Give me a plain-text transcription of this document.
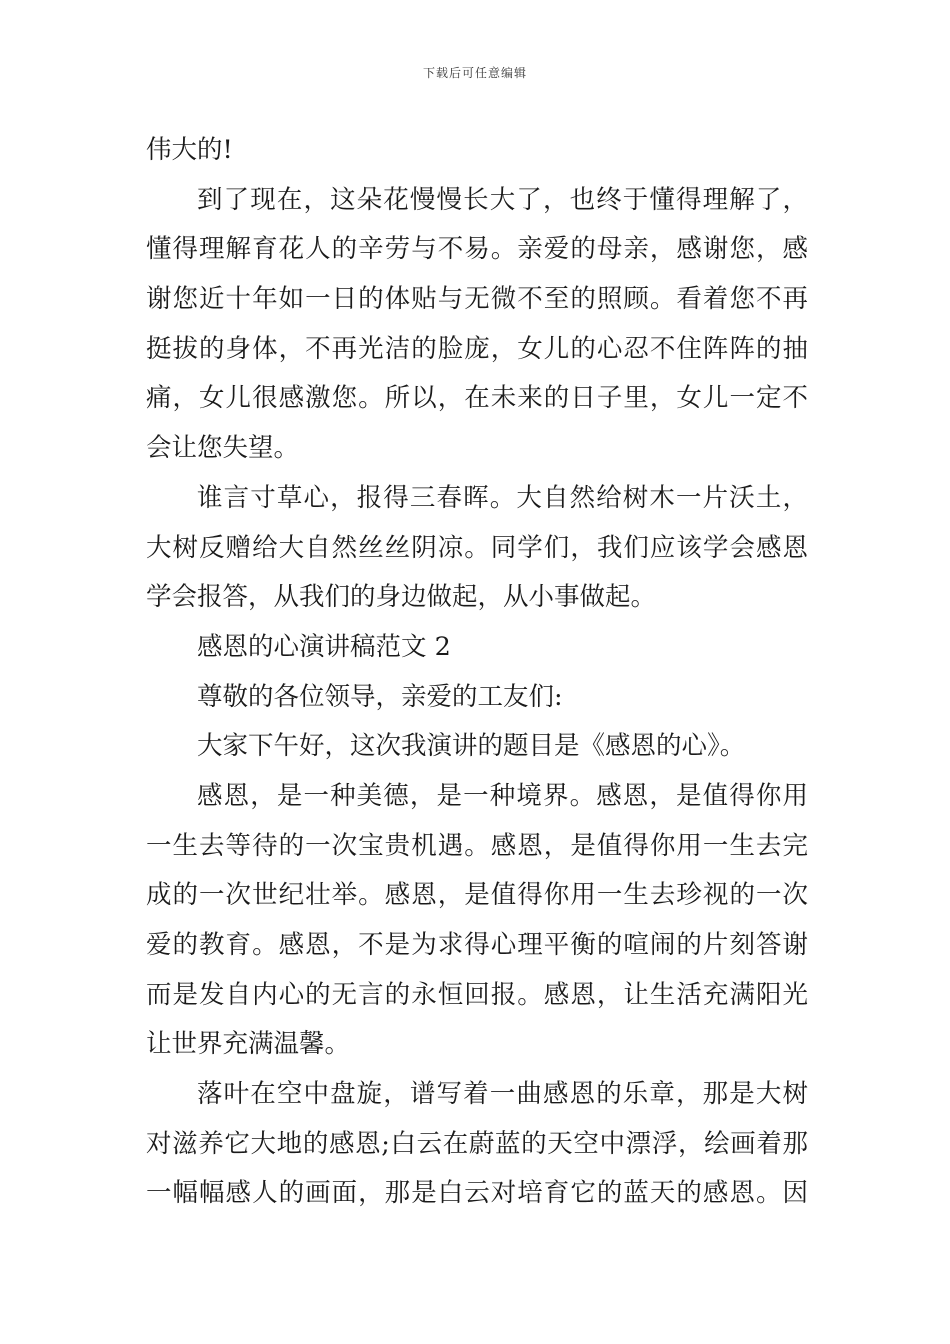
下载后可任意编辑
伟大的!
到了现在，这朵花慢慢长大了，也终于懂得理解了，
懂得理解育花人的辛劳与不易。亲爱的母亲，感谢您，感
谢您近十年如一日的体贴与无微不至的照顾。看着您不再
挺拔的身体，不再光洁的脸庞，女儿的心忍不住阵阵的抽
痛，女儿很感激您。所以，在未来的日子里，女儿一定不
会让您失望。
谁言寸草心，报得三春晖。大自然给树木一片沃土，
大树反赠给大自然丝丝阴凉。同学们，我们应该学会感恩
学会报答，从我们的身边做起，从小事做起。
感恩的心演讲稿范文 2
尊敬的各位领导，亲爱的工友们:
大家下午好，这次我演讲的题目是《感恩的心》。
感恩，是一种美德，是一种境界。感恩，是值得你用
一生去等待的一次宝贵机遇。感恩，是值得你用一生去完
成的一次世纪壮举。感恩，是值得你用一生去珍视的一次
爱的教育。感恩，不是为求得心理平衡的喧闹的片刻答谢
而是发自内心的无言的永恒回报。感恩，让生活充满阳光
让世界充满温馨。
落叶在空中盘旋，谱写着一曲感恩的乐章，那是大树
对滋养它大地的感恩;白云在蔚蓝的天空中漂浮，绘画着那
一幅幅感人的画面，那是白云对培育它的蓝天的感恩。因
